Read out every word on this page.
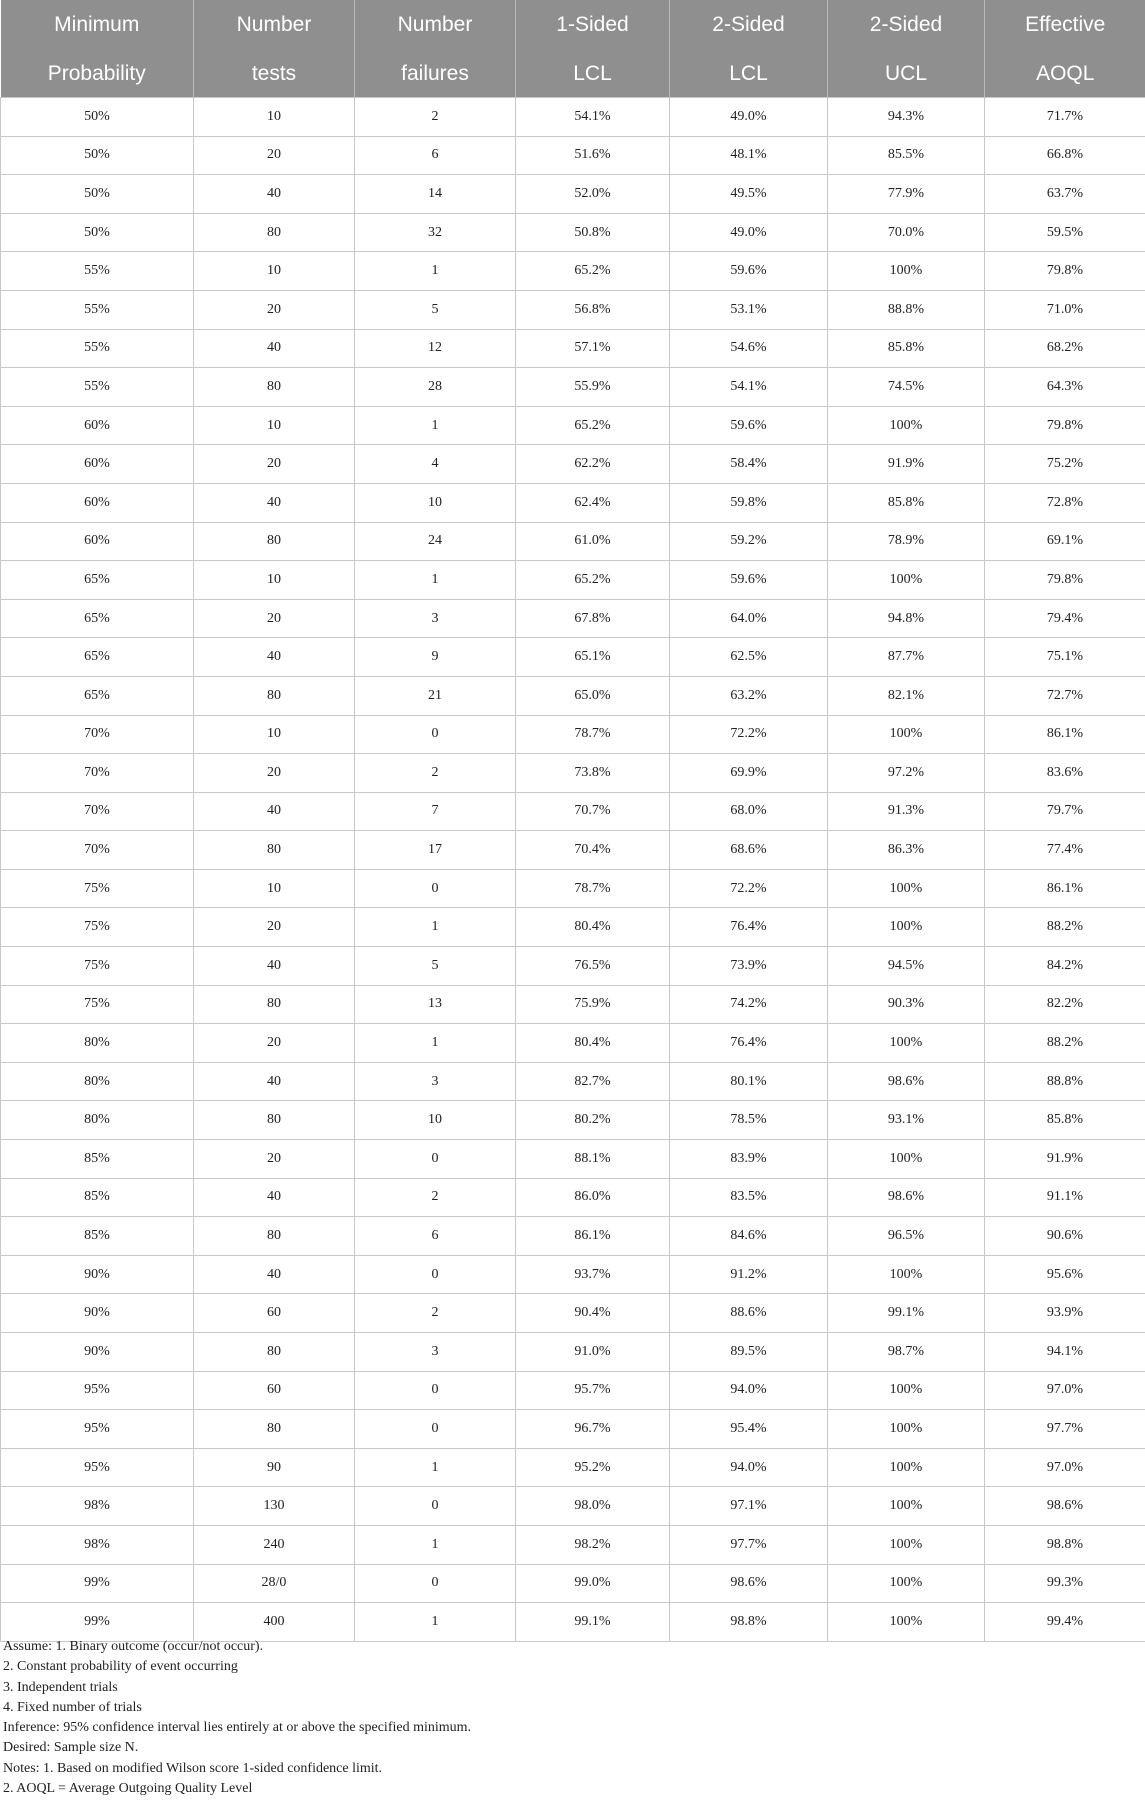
Minimum	Number	Number	1-Sided	2-Sided	2-Sided	Effective
Probability	tests	failures	LCL	LCL	UCL	AOQL
50%	10	2	54.1%	49.0%	94.3%	71.7%
50%	20	6	51.6%	48.1%	85.5%	66.8%
50%	40	14	52.0%	49.5%	77.9%	63.7%
50%	80	32	50.8%	49.0%	70.0%	59.5%
55%	10	1	65.2%	59.6%	100%	79.8%
55%	20	5	56.8%	53.1%	88.8%	71.0%
55%	40	12	57.1%	54.6%	85.8%	68.2%
55%	80	28	55.9%	54.1%	74.5%	64.3%
60%	10	1	65.2%	59.6%	100%	79.8%
60%	20	4	62.2%	58.4%	91.9%	75.2%
60%	40	10	62.4%	59.8%	85.8%	72.8%
60%	80	24	61.0%	59.2%	78.9%	69.1%
65%	10	1	65.2%	59.6%	100%	79.8%
65%	20	3	67.8%	64.0%	94.8%	79.4%
65%	40	9	65.1%	62.5%	87.7%	75.1%
65%	80	21	65.0%	63.2%	82.1%	72.7%
70%	10	0	78.7%	72.2%	100%	86.1%
70%	20	2	73.8%	69.9%	97.2%	83.6%
70%	40	7	70.7%	68.0%	91.3%	79.7%
70%	80	17	70.4%	68.6%	86.3%	77.4%
75%	10	0	78.7%	72.2%	100%	86.1%
75%	20	1	80.4%	76.4%	100%	88.2%
75%	40	5	76.5%	73.9%	94.5%	84.2%
75%	80	13	75.9%	74.2%	90.3%	82.2%
80%	20	1	80.4%	76.4%	100%	88.2%
80%	40	3	82.7%	80.1%	98.6%	88.8%
80%	80	10	80.2%	78.5%	93.1%	85.8%
85%	20	0	88.1%	83.9%	100%	91.9%
85%	40	2	86.0%	83.5%	98.6%	91.1%
85%	80	6	86.1%	84.6%	96.5%	90.6%
90%	40	0	93.7%	91.2%	100%	95.6%
90%	60	2	90.4%	88.6%	99.1%	93.9%
90%	80	3	91.0%	89.5%	98.7%	94.1%
95%	60	0	95.7%	94.0%	100%	97.0%
95%	80	0	96.7%	95.4%	100%	97.7%
95%	90	1	95.2%	94.0%	100%	97.0%
98%	130	0	98.0%	97.1%	100%	98.6%
98%	240	1	98.2%	97.7%	100%	98.8%
99%	28/0	0	99.0%	98.6%	100%	99.3%
99%	400	1	99.1%	98.8%	100%	99.4%
Assume: 1. Binary outcome (occur/not occur).
2. Constant probability of event occurring
3. Independent trials
4. Fixed number of trials
Inference: 95% confidence interval lies entirely at or above the specified minimum.
Desired: Sample size N.
Notes: 1. Based on modified Wilson score 1-sided confidence limit.
2. AOQL = Average Outgoing Quality Level
